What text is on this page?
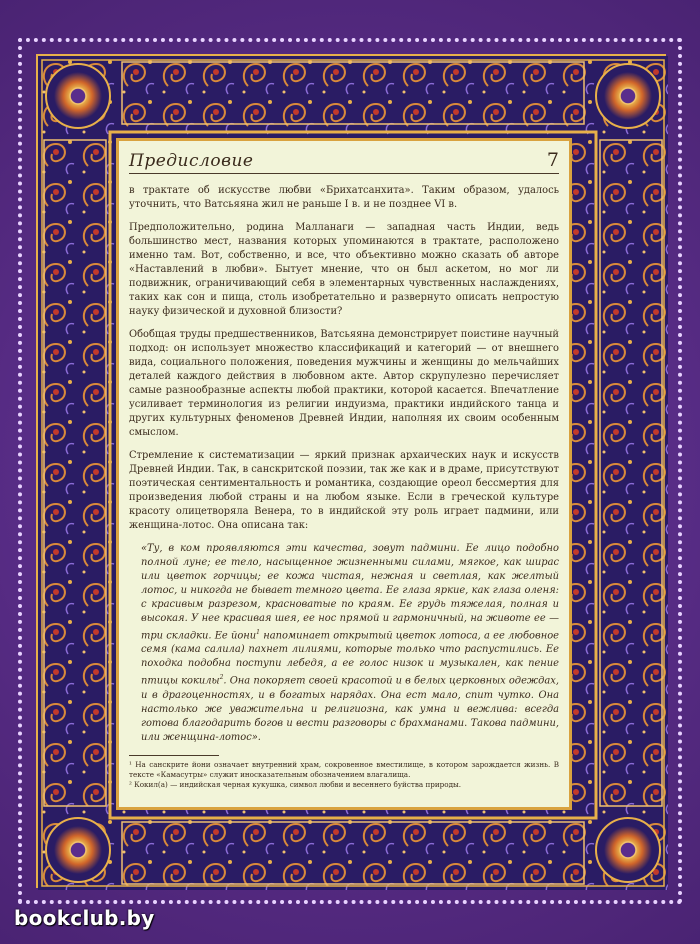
Предисловие	7

в трактате об искусстве любви «Брихатсанхита». Таким образом, удалось уточнить, что Ватсьяяна жил не раньше I в. и не позднее VI в.

Предположительно, родина Малланаги — западная часть Индии, ведь большинство мест, названия которых упоминаются в трактате, расположено именно там. Вот, собственно, и все, что объективно можно сказать об авторе «Наставлений в любви». Бытует мнение, что он был аскетом, но мог ли подвижник, ограничивающий себя в элементарных чувственных наслаждениях, таких как сон и пища, столь изобретательно и развернуто описать непростую науку физической и духовной близости?

Обобщая труды предшественников, Ватсьяяна демонстрирует поистине научный подход: он использует множество классификаций и категорий — от внешнего вида, социального положения, поведения мужчины и женщины до мельчайших деталей каждого действия в любовном акте. Автор скрупулезно перечисляет самые разнообразные аспекты любой практики, которой касается. Впечатление усиливает терминология из религии индуизма, практики индийского танца и других культурных феноменов Древней Индии, наполняя их своим особенным смыслом.

Стремление к систематизации — яркий признак архаических наук и искусств Древней Индии. Так, в санскритской поэзии, так же как и в драме, присутствуют поэтическая сентиментальность и романтика, создающие ореол бессмертия для произведения любой страны и на любом языке. Если в греческой культуре красоту олицетворяла Венера, то в индийской эту роль играет падмини, или женщина-лотос. Она описана так:

«Ту, в ком проявляются эти качества, зовут падмини. Ее лицо подобно полной луне; ее тело, насыщенное жизненными силами, мягкое, как ширас или цветок горчицы; ее кожа чистая, нежная и светлая, как желтый лотос, и никогда не бывает темного цвета. Ее глаза яркие, как глаза оленя: с красивым разрезом, красноватые по краям. Ее грудь тяжелая, полная и высокая. У нее красивая шея, ее нос прямой и гармоничный, на животе ее — три складки. Ее йони$^1$ напоминает открытый цветок лотоса, а ее любовное семя (кама салила) пахнет лилиями, которые только что распустились. Ее походка подобна поступи лебедя, а ее голос низок и музыкален, как пение птицы кокилы$^2$. Она покоряет своей красотой и в белых церковных одеждах, и в драгоценностях, и в богатых нарядах. Она ест мало, спит чутко. Она настолько же уважительна и религиозна, как умна и вежлива: всегда готова благодарить богов и вести разговоры с брахманами. Такова падмини, или женщина-лотос».

¹ На санскрите йони означает внутренний храм, сокровенное вместилище, в котором зарождается жизнь. В тексте «Камасутры» служит иносказательным обозначением влагалища.

² Кокил(а) — индийская черная кукушка, символ любви и весеннего буйства природы.

bookclub.by
